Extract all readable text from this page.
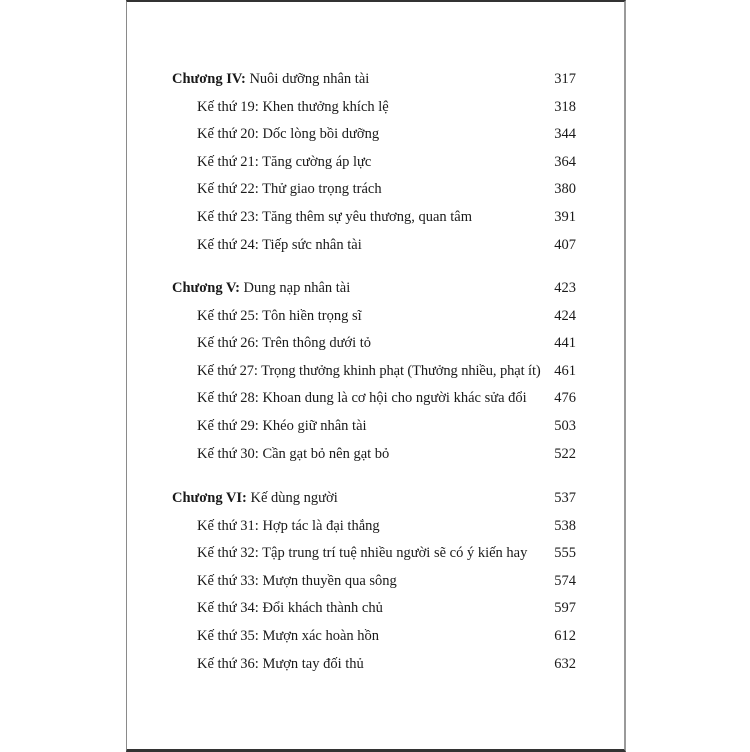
Chương IV: Nuôi dưỡng nhân tài	317
Kế thứ 19: Khen thưởng khích lệ	318
Kế thứ 20: Dốc lòng bồi dưỡng	344
Kế thứ 21: Tăng cường áp lực	364
Kế thứ 22: Thử giao trọng trách	380
Kế thứ 23: Tăng thêm sự yêu thương, quan tâm	391
Kế thứ 24: Tiếp sức nhân tài	407
Chương V: Dung nạp nhân tài	423
Kế thứ 25: Tôn hiền trọng sĩ	424
Kế thứ 26: Trên thông dưới tỏ	441
Kế thứ 27: Trọng thưởng khinh phạt (Thưởng nhiều, phạt ít) 461
Kế thứ 28: Khoan dung là cơ hội cho người khác sửa đổi 476
Kế thứ 29: Khéo giữ nhân tài	503
Kế thứ 30: Cần gạt bỏ nên gạt bỏ	522
Chương VI: Kế dùng người	537
Kế thứ 31: Hợp tác là đại thắng	538
Kế thứ 32: Tập trung trí tuệ nhiều người sẽ có ý kiến hay 555
Kế thứ 33: Mượn thuyền qua sông	574
Kế thứ 34: Đổi khách thành chủ	597
Kế thứ 35: Mượn xác hoàn hồn	612
Kế thứ 36: Mượn tay đối thủ	632
